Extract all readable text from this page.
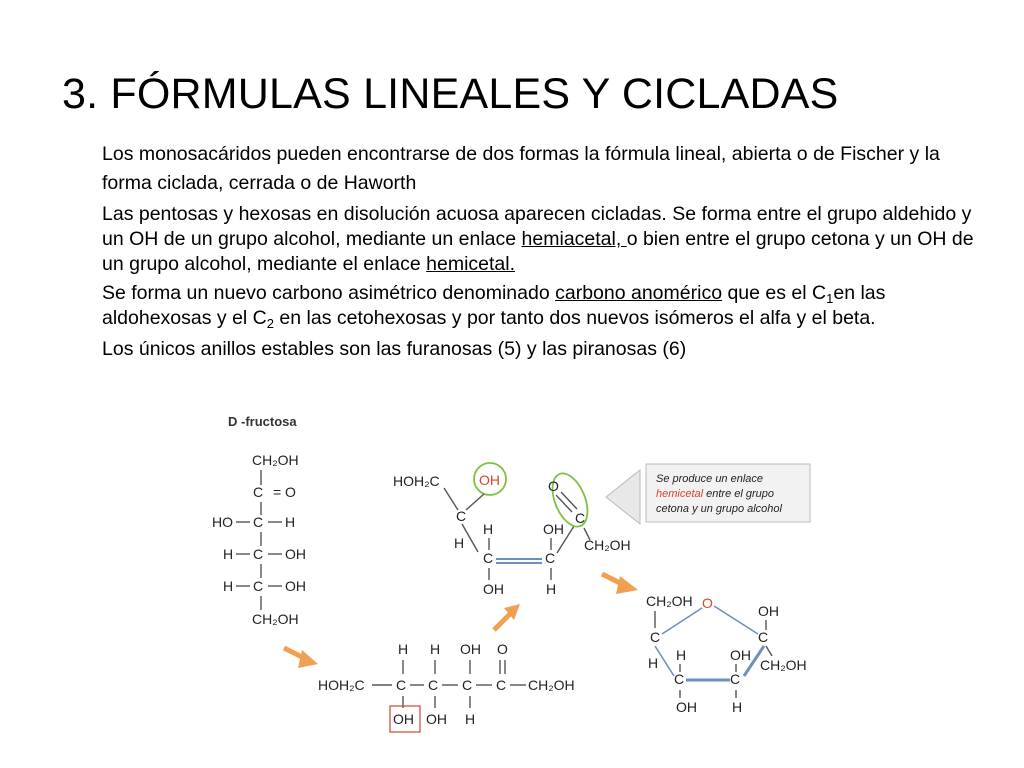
3. FÓRMULAS LINEALES Y CICLADAS

Los monosacáridos pueden encontrarse de dos formas la fórmula lineal, abierta o de Fischer y la forma ciclada, cerrada o de Haworth

Las pentosas y hexosas en disolución acuosa aparecen cicladas. Se forma entre el grupo aldehido y un OH de un grupo alcohol, mediante un enlace hemiacetal, o bien entre el grupo cetona y un OH de un grupo alcohol, mediante el enlace hemicetal.

Se forma un nuevo carbono asimétrico denominado carbono anomérico que es el $C_1en$ las aldohexosas y el $C_2$ en las cetohexosas y por tanto dos nuevos isómeros el alfa y el beta.

Los únicos anillos estables son las furanosas (5) y las piranosas (6)

D -fructosa
CH₂OH
C = O
HO C H
H C OH
H C OH
CH₂OH
H H OH O
HOH₂C C C C C CH₂OH
OH OH H
HOH₂C	OH
C
H
H
C	C
OH
OH
H
O
C
CH₂OH
Se produce un enlace
hemicetal entre el grupo
cetona y un grupo alcohol
CH₂OH
C
O
C
C	C
OH
CH₂OH
H H	OH
OH	H
